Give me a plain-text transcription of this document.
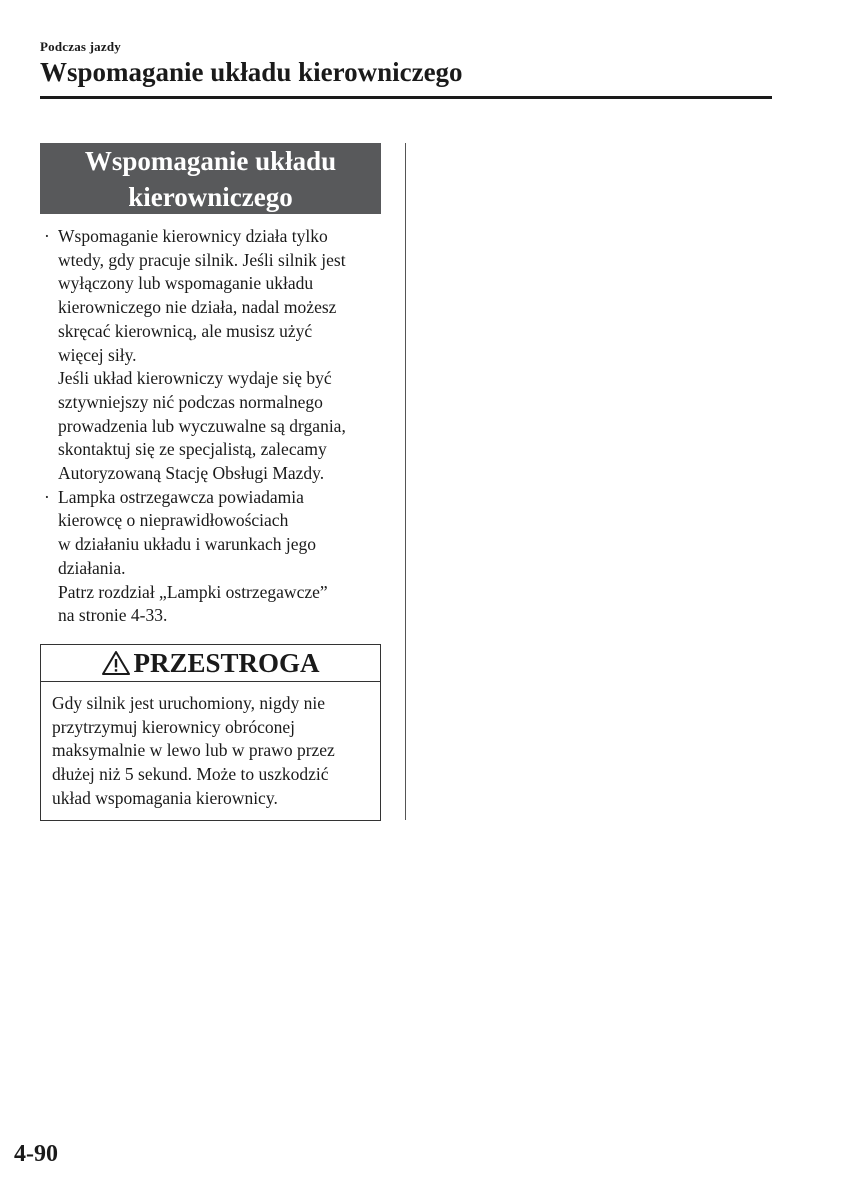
Podczas jazdy
Wspomaganie układu kierowniczego
Wspomaganie układu kierowniczego
· Wspomaganie kierownicy działa tylko
wtedy, gdy pracuje silnik. Jeśli silnik jest
wyłączony lub wspomaganie układu
kierowniczego nie działa, nadal możesz
skręcać kierownicą, ale musisz użyć
więcej siły.

Jeśli układ kierowniczy wydaje się być
sztywniejszy nić podczas normalnego
prowadzenia lub wyczuwalne są drgania,
skontaktuj się ze specjalistą, zalecamy
Autoryzowaną Stację Obsługi Mazdy.

· Lampka ostrzegawcza powiadamia
kierowcę o nieprawidłowościach
w działaniu układu i warunkach jego
działania.

Patrz rozdział „Lampki ostrzegawcze”
na stronie 4-33.

PRZESTROGA

Gdy silnik jest uruchomiony, nigdy nie
przytrzymuj kierownicy obróconej
maksymalnie w lewo lub w prawo przez
dłużej niż 5 sekund. Może to uszkodzić
układ wspomagania kierownicy.

4-90
